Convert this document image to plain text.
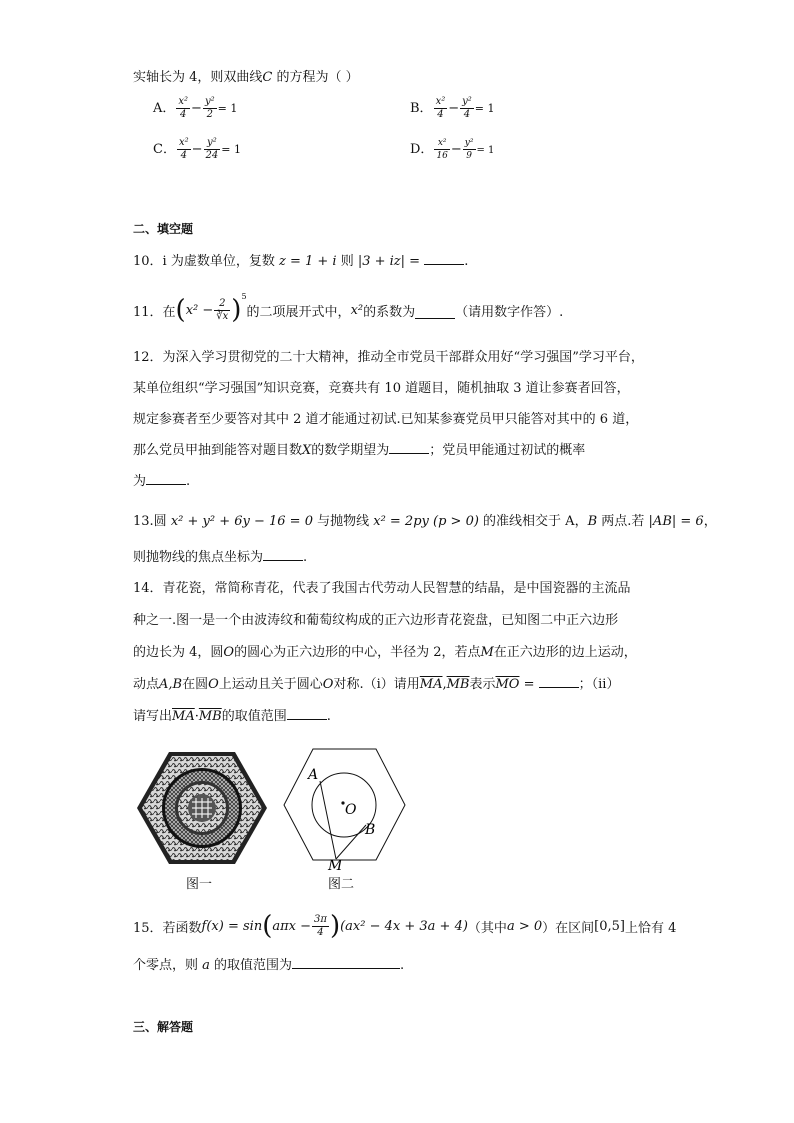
实轴长为 4，则双曲线C 的方程为（ ）
A． $\frac{\text{x²}}{4} - \frac{\text{y²}}{2} = 1$	B． $\frac{\text{x²}}{4} - \frac{\text{y²}}{4} = 1$
C． $\frac{\text{x²}}{4} - \frac{\text{y²}}{24} = 1$	D． $\frac{\text{x²}}{16} - \frac{\text{y²}}{9} = 1$
二、填空题
10．i 为虚数单位，复数 z = 1 + i 则 |3 + iz| =	.
11．在 ( $x^2 - \frac{2}{∛x}$ ) 5
的二项展开式中， x² 的系数为	（请用数字作答）.
12．为深入学习贯彻党的二十大精神，推动全市党员干部群众用好“学习强国”学习平台，
某单位组织“学习强国”知识竞赛，竞赛共有 10 道题目，随机抽取 3 道让参赛者回答，
规定参赛者至少要答对其中 2 道才能通过初试.已知某参赛党员甲只能答对其中的 6 道，
那么党员甲抽到能答对题目数X的数学期望为	；党员甲能通过初试的概率
为	.
13.圆 x² + y² + 6y − 16 = 0 与抛物线 x² = 2py (p > 0) 的准线相交于 A，B 两点.若 |AB| = 6，
则抛物线的焦点坐标为	.
14．青花瓷，常简称青花，代表了我国古代劳动人民智慧的结晶，是中国瓷器的主流品
种之一.图一是一个由波涛纹和葡萄纹构成的正六边形青花瓷盘，已知图二中正六边形
的边长为 4，圆O的圆心为正六边形的中心，半径为 2，若点M在正六边形的边上运动，
动点A,B在圆O上运动且关于圆心O对称.（i）请用$\overline{MA},\overline{MB}$表示$\overline{MO}$ =	；（ii）
请写出$\overline{MA}\cdot\overline{MB}$的取值范围	.
图一
A
O
B
M
图二
15．若函数 f(x) = sin ( $a\pi x - \frac{3\pi}{4}$ ) (ax² − 4x + 3a + 4) （其中 a > 0 ）在区间 [0,5] 上恰有 4
个零点，则 a 的取值范围为	.
三、解答题
